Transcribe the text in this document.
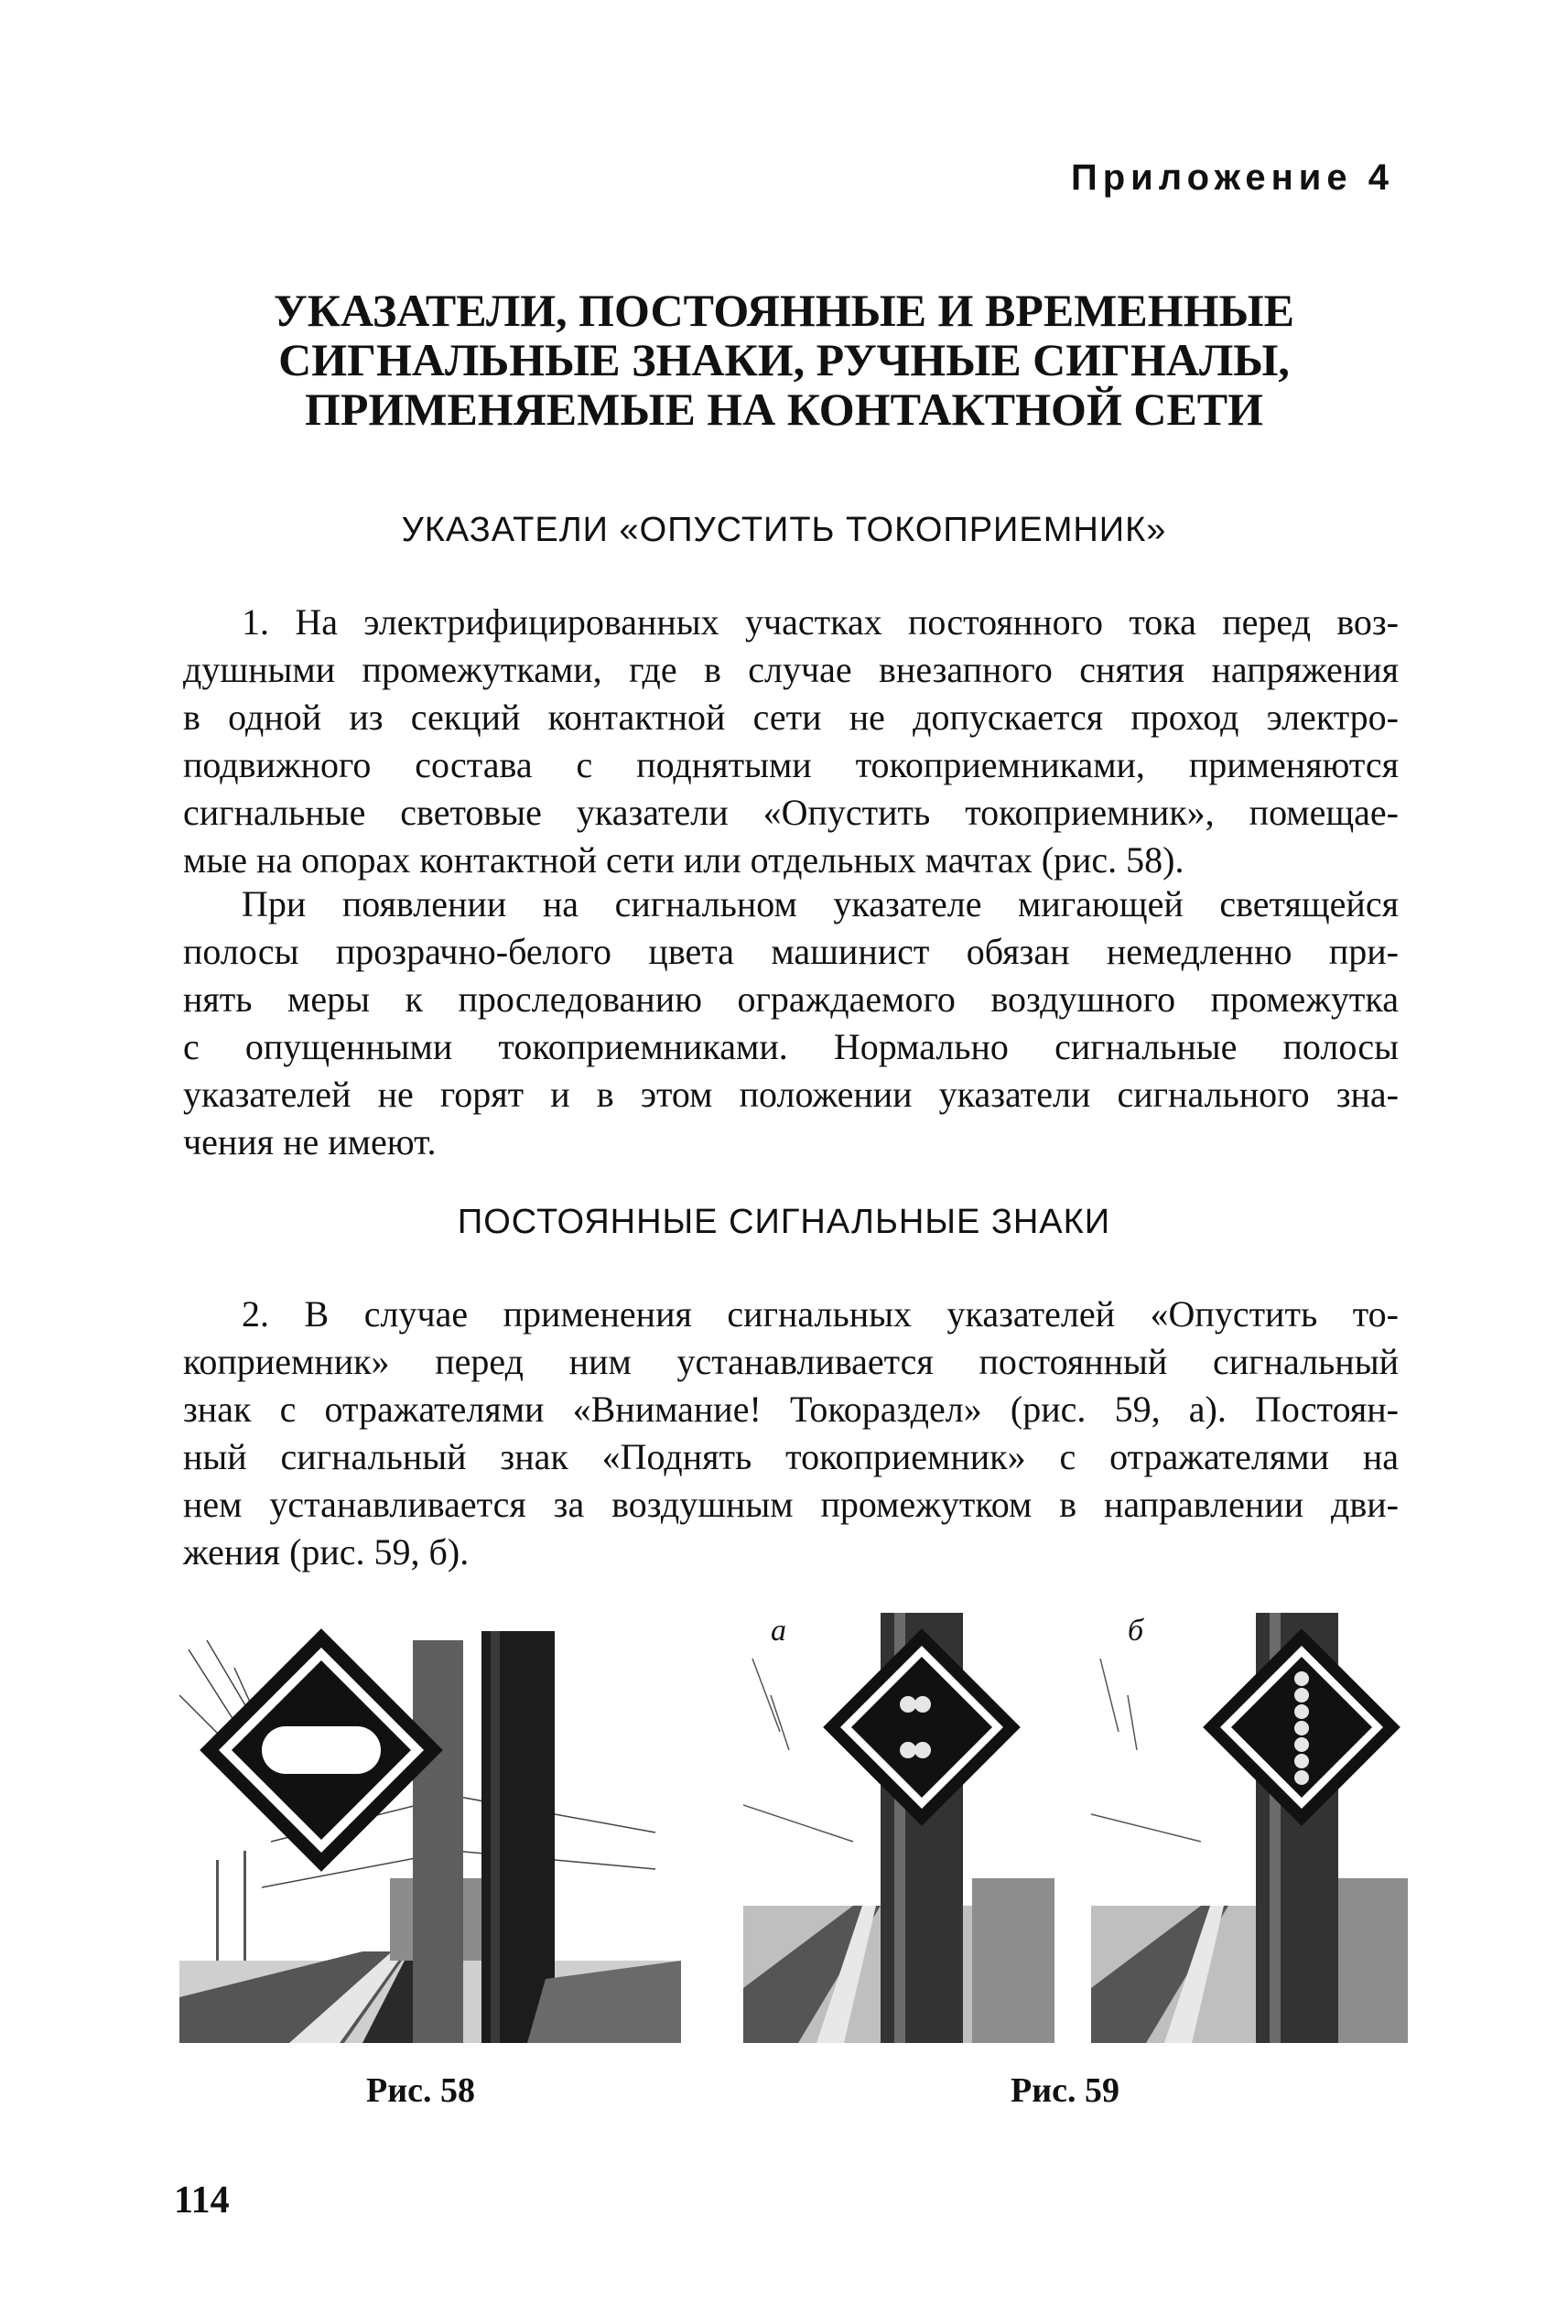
Приложение 4
УКАЗАТЕЛИ, ПОСТОЯННЫЕ И ВРЕМЕННЫЕ
СИГНАЛЬНЫЕ ЗНАКИ, РУЧНЫЕ СИГНАЛЫ,
ПРИМЕНЯЕМЫЕ НА КОНТАКТНОЙ СЕТИ
УКАЗАТЕЛИ «ОПУСТИТЬ ТОКОПРИЕМНИК»
1. На электрифицированных участках постоянного тока перед воз-
душными промежутками, где в случае внезапного снятия напряжения
в одной из секций контактной сети не допускается проход электро-
подвижного состава с поднятыми токоприемниками, применяются
сигнальные световые указатели «Опустить токоприемник», помещае-
мые на опорах контактной сети или отдельных мачтах (рис. 58).
При появлении на сигнальном указателе мигающей светящейся
полосы прозрачно-белого цвета машинист обязан немедленно при-
нять меры к проследованию ограждаемого воздушного промежутка
с опущенными токоприемниками. Нормально сигнальные полосы
указателей не горят и в этом положении указатели сигнального зна-
чения не имеют.
ПОСТОЯННЫЕ СИГНАЛЬНЫЕ ЗНАКИ
2. В случае применения сигнальных указателей «Опустить то-
коприемник» перед ним устанавливается постоянный сигнальный
знак с отражателями «Внимание! Токораздел» (рис. 59, а). Постоян-
ный сигнальный знак «Поднять токоприемник» с отражателями на
нем устанавливается за воздушным промежутком в направлении дви-
жения (рис. 59, б).
а	б
Рис. 58	Рис. 59
114
